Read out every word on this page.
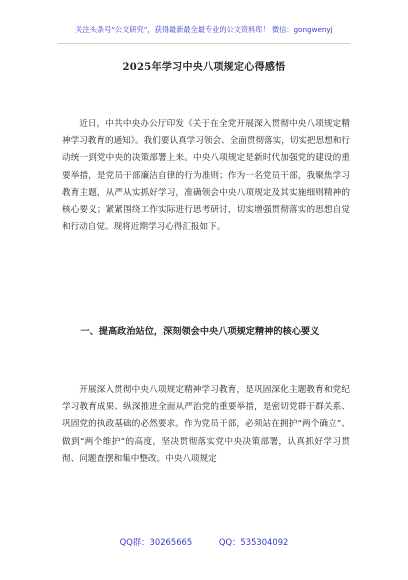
关注头条号“公文研究”，获得最新最全最专业的公文资料库！ 微信：gongwenyj
2025年学习中央八项规定心得感悟

近日，中共中央办公厅印发《关于在全党开展深入贯彻中央八项规定精神学习教育的通知》。我们要认真学习领会、全面贯彻落实，切实把思想和行动统一到党中央的决策部署上来。中央八项规定是新时代加强党的建设的重要举措，是党员干部廉洁自律的行为准则；作为一名党员干部，我聚焦学习教育主题，从严从实抓好学习，准确领会中央八项规定及其实施细则精神的核心要义；紧紧围绕工作实际进行思考研讨，切实增强贯彻落实的思想自觉和行动自觉。现将近期学习心得汇报如下。

一、提高政治站位，深刻领会中央八项规定精神的核心要义

开展深入贯彻中央八项规定精神学习教育，是巩固深化主题教育和党纪学习教育成果、纵深推进全面从严治党的重要举措，是密切党群干群关系、巩固党的执政基础的必然要求。作为党员干部，必须站在拥护“两个确立”、做到“两个维护”的高度，坚决贯彻落实党中央决策部署，认真抓好学习贯彻、问题查摆和集中整改。中央八项规定

QQ群：30265665	QQ：535304092
